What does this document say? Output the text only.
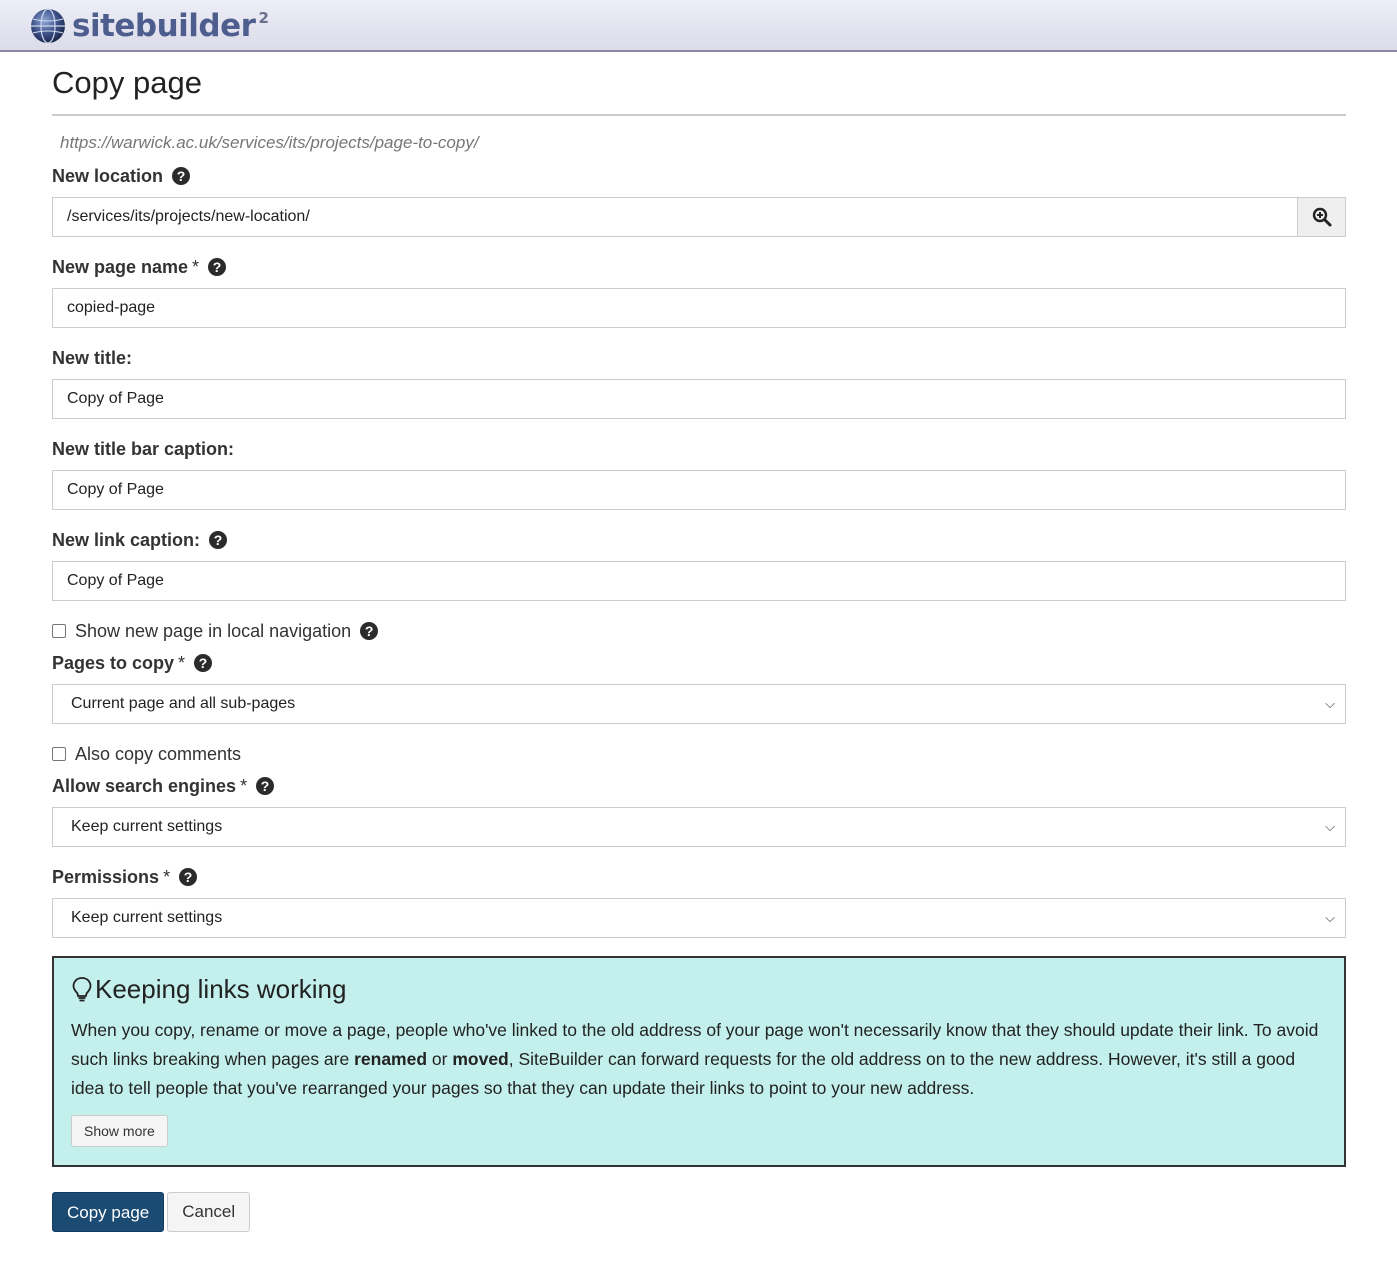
sitebuilder 2
Copy page
https://warwick.ac.uk/services/its/projects/page-to-copy/
New location ?
/services/its/projects/new-location/
New page name * ?
copied-page
New title:
Copy of Page
New title bar caption:
Copy of Page
New link caption: ?
Copy of Page
Show new page in local navigation ?
Pages to copy * ?
Current page and all sub-pages	⌵
Also copy comments
Allow search engines * ?
Keep current settings	⌵
Permissions * ?
Keep current settings	⌵
Keeping links working

When you copy, rename or move a page, people who've linked to the old address of your page won't necessarily know that they should update their link. To avoid such links breaking when pages are renamed or moved, SiteBuilder can forward requests for the old address on to the new address. However, it's still a good idea to tell people that you've rearranged your pages so that they can update their links to point to your new address.

Show more
Copy page	Cancel
